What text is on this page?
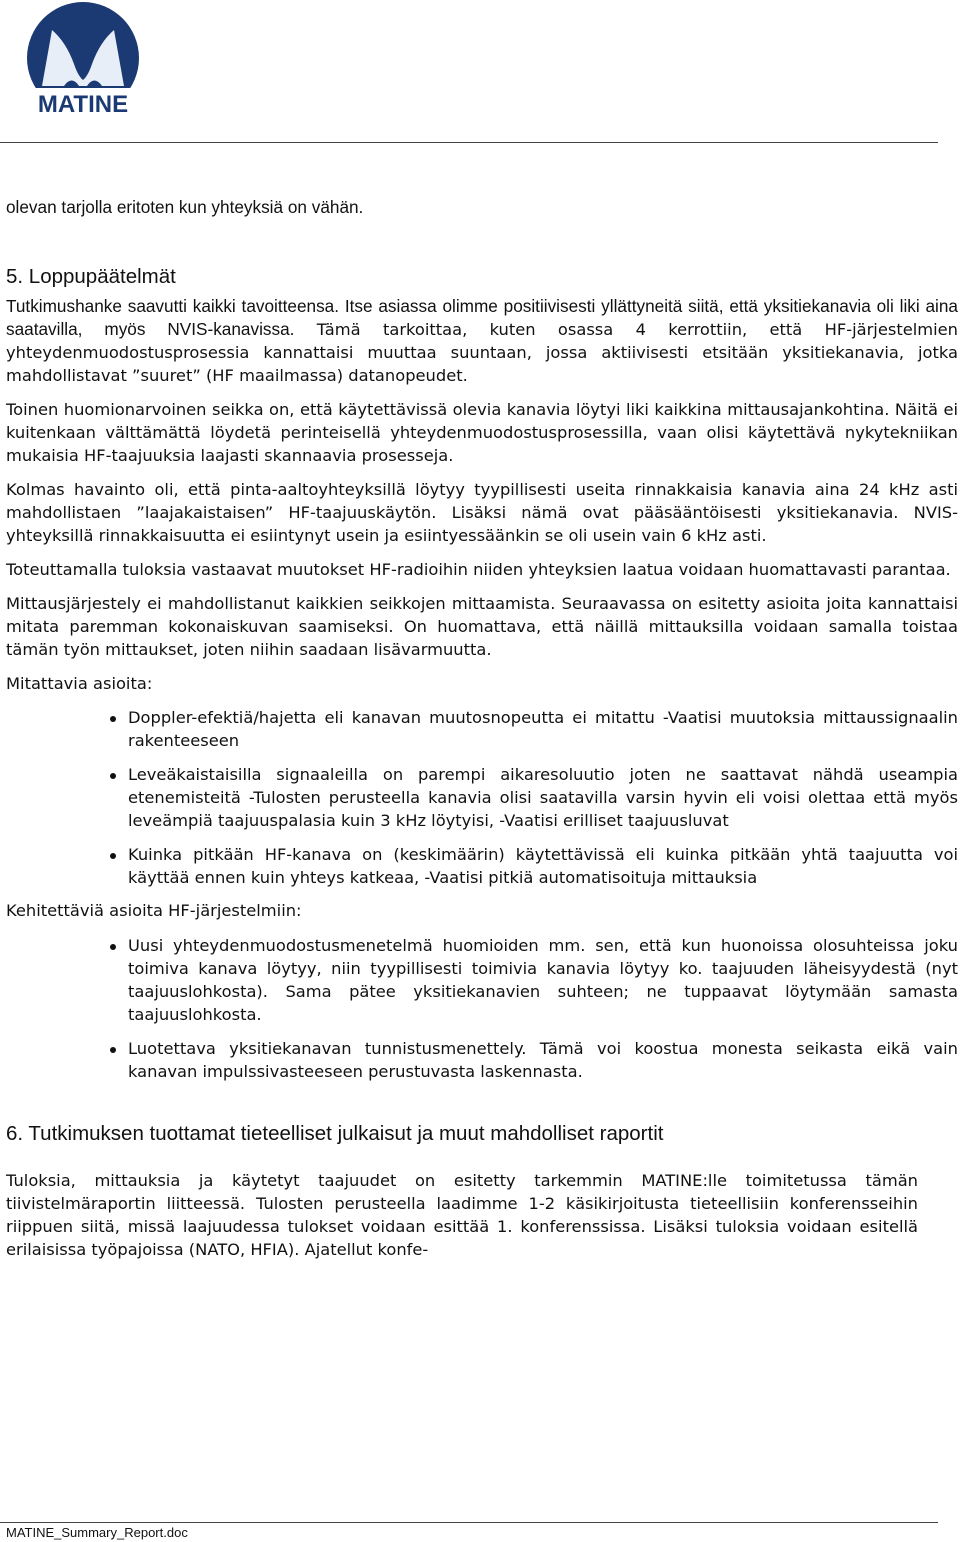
MATINE

olevan tarjolla eritoten kun yhteyksiä on vähän.

5. Loppupäätelmät

Tutkimushanke saavutti kaikki tavoitteensa. Itse asiassa olimme positiivisesti yllättyneitä siitä, että yksitiekanavia oli liki aina saatavilla, myös NVIS-kanavissa. Tämä tarkoittaa, kuten osassa 4 kerrottiin, että HF-järjestelmien yhteydenmuodostusprosessia kannattaisi muuttaa suuntaan, jossa aktiivisesti etsitään yksitiekanavia, jotka mahdollistavat ”suuret” (HF maailmassa) datanopeudet.

Toinen huomionarvoinen seikka on, että käytettävissä olevia kanavia löytyi liki kaikkina mittausajankohtina. Näitä ei kuitenkaan välttämättä löydetä perinteisellä yhteydenmuodostusprosessilla, vaan olisi käytettävä nykytekniikan mukaisia HF-taajuuksia laajasti skannaavia prosesseja.

Kolmas havainto oli, että pinta-aaltoyhteyksillä löytyy tyypillisesti useita rinnakkaisia kanavia aina 24 kHz asti mahdollistaen ”laajakaistaisen” HF-taajuuskäytön. Lisäksi nämä ovat pääsääntöisesti yksitiekanavia. NVIS-yhteyksillä rinnakkaisuutta ei esiintynyt usein ja esiintyessäänkin se oli usein vain 6 kHz asti.

Toteuttamalla tuloksia vastaavat muutokset HF-radioihin niiden yhteyksien laatua voidaan huomattavasti parantaa.

Mittausjärjestely ei mahdollistanut kaikkien seikkojen mittaamista. Seuraavassa on esitetty asioita joita kannattaisi mitata paremman kokonaiskuvan saamiseksi. On huomattava, että näillä mittauksilla voidaan samalla toistaa tämän työn mittaukset, joten niihin saadaan lisävarmuutta.

Mitattavia asioita:

Doppler-efektiä/hajetta eli kanavan muutosnopeutta ei mitattu -Vaatisi muutoksia mittaussignaalin rakenteeseen
Leveäkaistaisilla signaaleilla on parempi aikaresoluutio joten ne saattavat nähdä useampia etenemisteitä -Tulosten perusteella kanavia olisi saatavilla varsin hyvin eli voisi olettaa että myös leveämpiä taajuuspalasia kuin 3 kHz löytyisi, -Vaatisi erilliset taajuusluvat
Kuinka pitkään HF-kanava on (keskimäärin) käytettävissä eli kuinka pitkään yhtä taajuutta voi käyttää ennen kuin yhteys katkeaa, -Vaatisi pitkiä automatisoituja mittauksia

Kehitettäviä asioita HF-järjestelmiin:

Uusi yhteydenmuodostusmenetelmä huomioiden mm. sen, että kun huonoissa olosuhteissa joku toimiva kanava löytyy, niin tyypillisesti toimivia kanavia löytyy ko. taajuuden läheisyydestä (nyt taajuuslohkosta). Sama pätee yksitiekanavien suhteen; ne tuppaavat löytymään samasta taajuuslohkosta.
Luotettava yksitiekanavan tunnistusmenettely. Tämä voi koostua monesta seikasta eikä vain kanavan impulssivasteeseen perustuvasta laskennasta.
6. Tutkimuksen tuottamat tieteelliset julkaisut ja muut mahdolliset raportit

Tuloksia, mittauksia ja käytetyt taajuudet on esitetty tarkemmin MATINE:lle toimitetussa tämän tiivistelmäraportin liitteessä. Tulosten perusteella laadimme 1-2 käsikirjoitusta tieteellisiin konferensseihin riippuen siitä, missä laajuudessa tulokset voidaan esittää 1. konferenssissa. Lisäksi tuloksia voidaan esitellä erilaisissa työpajoissa (NATO, HFIA). Ajatellut konfe-

MATINE_Summary_Report.doc
